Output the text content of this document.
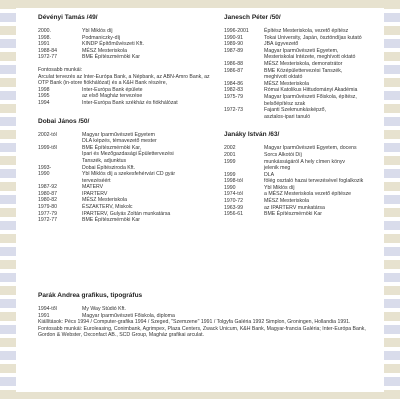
Dévényi Tamás /49/
2000.	Ybl Miklós díj
1998.	Podmaniczky-díj
1991	KINDP Építőművészeti Kft.
1988-84	MÉSZ Mesteriskola
1972-77	BME Építészmérnöki Kar
Fontosabb munkái:
Arculat tervezés az Inter-Európa Bank, a Népbank, az ABN-Amro Bank, az OTP Bank (in-store fiókhálózat) és a K&H Bank részére,
1998	Inter-Európa Bank épülete
1995	az első Magház tervezése
1994	Inter-Európa Bank székház és fiókhálózat
Dobai János /50/
2002-tól	Magyar Iparművészeti Egyetem
DLA képzés, témavezető mester
1999-től	BME Építészmérnöki Kar,
Ipari és Mezőgazdasági Épülettervezési
Tanszék, adjunktus
1993-	Dobai Építésziroda Kft.
1990	Ybl Miklós díj a szekesfehérvári CD gyár
tervezéséért
1987-92	MATERV
1980-87	IPARTERV
1980-82	MÉSZ Mesteriskola
1979-80	ÉSZAKTERV, Miskolc
1977-79	IPARTERV, Gulyás Zoltán munkatársa
1972-77	BME Építészmérnöki Kar
Janesch Péter /50/
1996-2001	Építész Mesteriskola, vezető építész
1990-91	Tokai University, Japán, ösztöndíjas kutató
1989-90	JBA ügyvezető
1987-89	Magyar Iparművészeti Egyetem,
Mesteriskolai Intézete, meghívott oktató
1986-88	MÉSZ Mesteriskola, demonstrátor
1986-87	BME Középülettervezési Tanszék,
meghívott oktató
1984-86	MÉSZ Mesteriskola
1982-83	Római Katolikus Hittudományi Akadémia
1975-79	Magyar Iparművészeti Főiskola, építész,
belsőépítész szak
1972-73	Fajanti Szekmunkásképző,
asztalos-ipari tanuló
Janáky István /63/
2002	Magyar Iparművészeti Egyetem, docens
2001	Sorcs Alkotói Díj
1999	munkásságáról A hely címen könyv
jelenik meg
1999	DLA
1998-tól	fölég osztaló hazai tervezésével foglalkozik
1990	Ybl Miklós díj
1974-tól	a MÉSZ Mesteriskola vezető építésze
1970-72	MÉSZ Mesteriskola
1963-99	az IPARTERV munkatársa
1956-61	BME Építészmérnöki Kar
Parák Andrea grafikus, tipográfus
1994-től	My Way Stúdió Kft.
1991	Magyar Iparművészeti Főiskola, diploma
Kiállítások: Pécs 1994 / Computer-grafika 1994 / Szeged, "Szemzene" 1991 / Tolgyfa Galéria 1992 Simplon, Groningen, Hollandia 1991. Fontosabb munkái: Euroleasing, Conimbank, Agrimpex, Plaza Centers, Zwack Unicum, K&H Bank, Magyar-francia Galéria; Inter-Európa Bank, Gordon & Webster, Oxconfact AB., SCD Group, Magház grafikai arculat.
